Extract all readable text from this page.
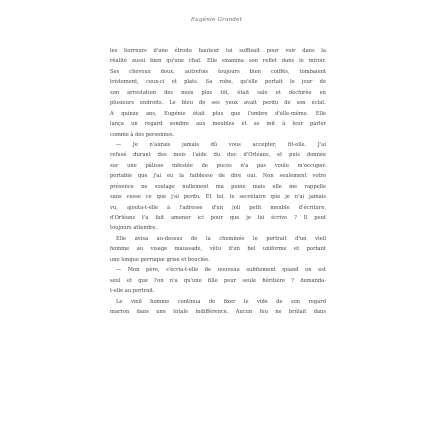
Eugénie Grandet
les horreurs d'une étroite hauteur lui suffisait pour voir dans la
réalité aussi bien qu'une chat. Elle examina son reflet dans le miroir.
Ses cheveux doux, autrefois toujours bien coiffés, tombaient
tristement, ceux-ci et plats. Sa robe, qu'elle portait le jour de
son arrestation des mois plus tôt, était sale et déchirée en
plusieurs endroits. Le bleu de ses yeux avait perdu de son éclat.
A quinze ans, Eugénie était plus que l'ombre d'elle-même. Elle
lança un regard sombre aux meubles et se mit à leur parler
comme à des personnes.
— Je n'aurais jamais dû vous accepter, fit-elle. J'ai
refusé durant des mois l'aide du duc d'Orléans, et puis donnée
sur une pâlisse infestée de puces n'a pas voulu m'occuper.
portable que j'ai eu la faiblesse de dire oui. Non seulement votre
présence ne soulage nullement ma peine mais elle me rappelle
sans cesse ce que j'ai perdu. Et toi, le secrétaire que je n'ai jamais
vu, ajouta-t-elle à l'adresse d'un joli petit meuble d'écriture,
d'Orléans t'a fait amener ici pour que je lui écrive ? Il peut
toujours attendre.
Elle avisa au-dessus de la cheminée le portrait d'un vieil
homme au visage maussade, vêtu d'un bel uniforme et portant
une longue perruque grise et bouclée.
— Mon père, s'écria-t-elle de nouveau subitement quand on est
seul et que l'on n'a qu'une fille pour seule héritière ? demanda-
t-elle au portrait.
Le vieil homme continua de fixer le vide de son regard
marron dans une totale indifférence. Aucun feu ne brûlait dans
